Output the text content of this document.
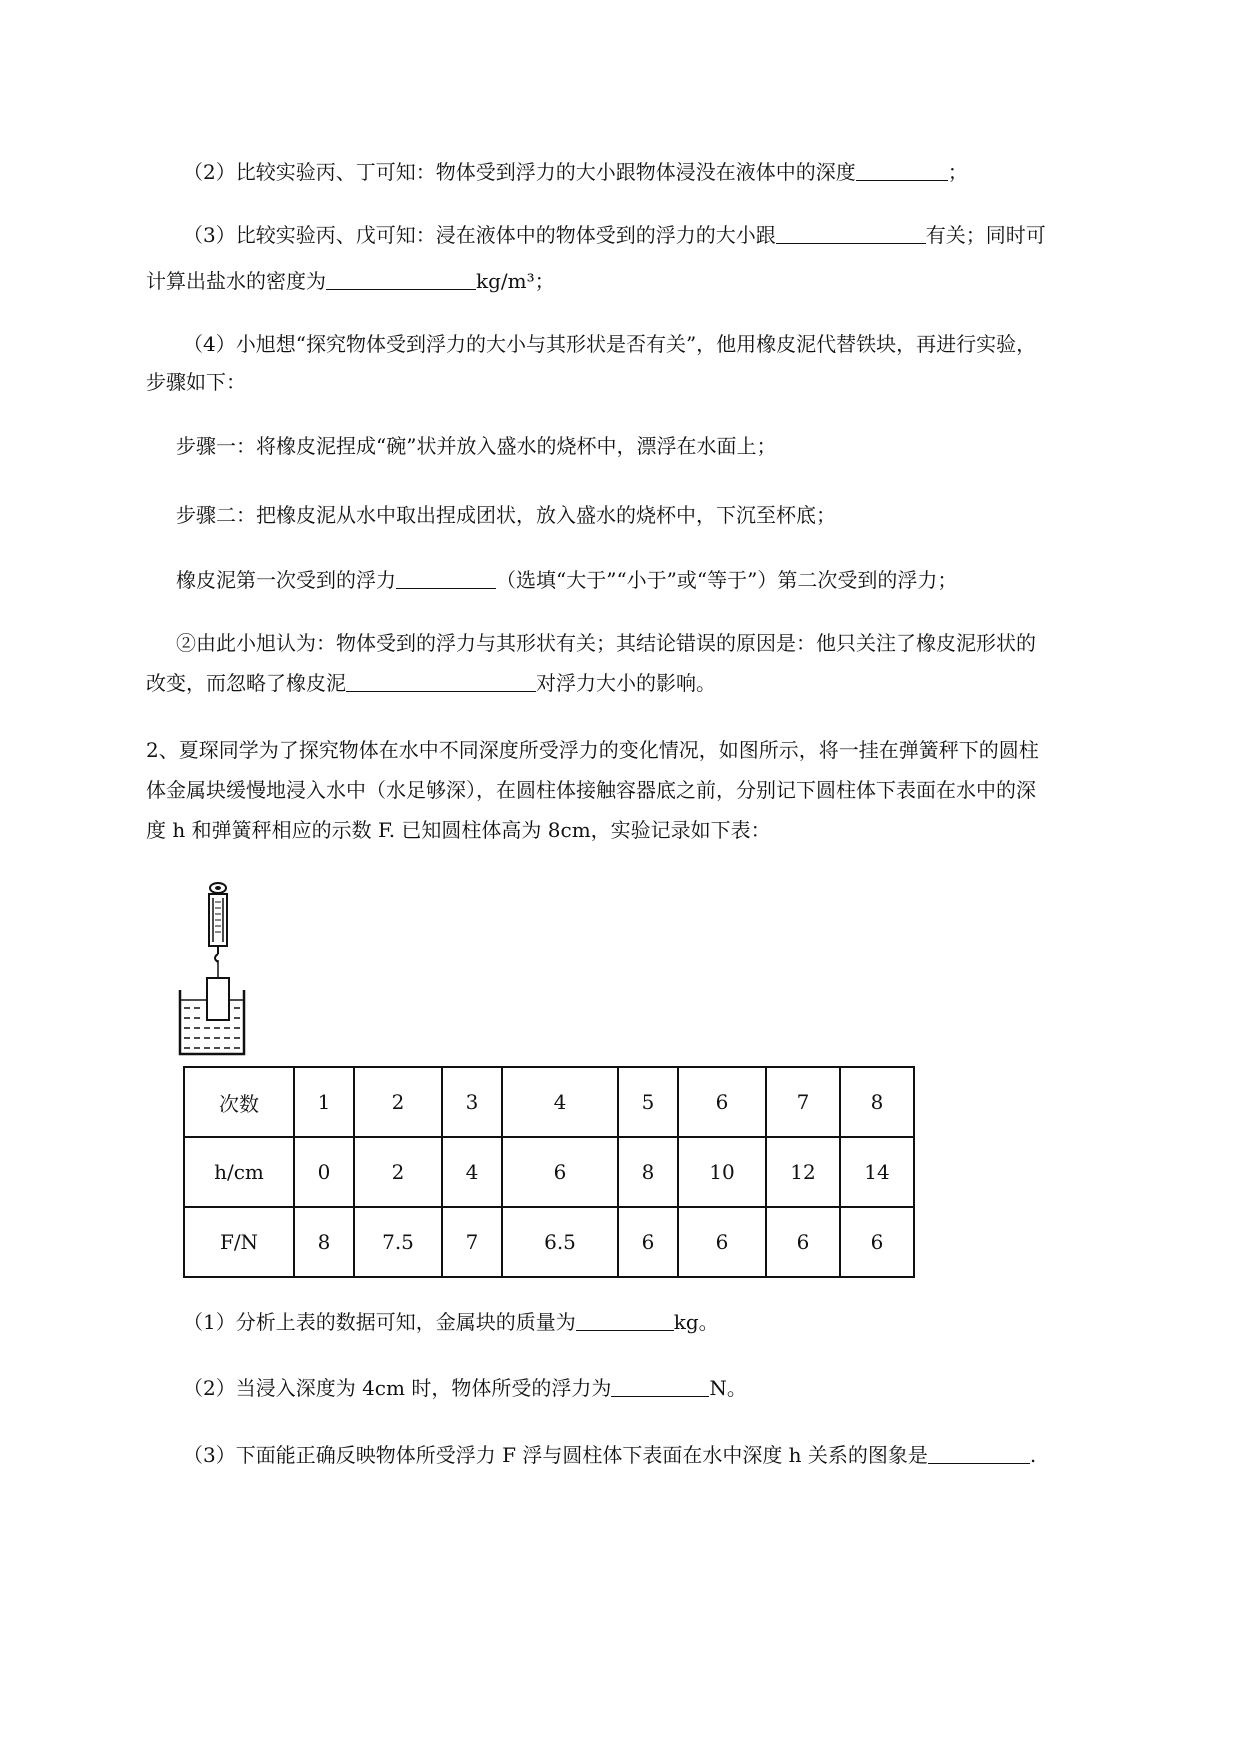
（2）比较实验丙、丁可知：物体受到浮力的大小跟物体浸没在液体中的深度	；
（3）比较实验丙、戊可知：浸在液体中的物体受到的浮力的大小跟	有关；同时可
计算出盐水的密度为	kg/m³；
（4）小旭想“探究物体受到浮力的大小与其形状是否有关”，他用橡皮泥代替铁块，再进行实验，
步骤如下：
步骤一：将橡皮泥捏成“碗”状并放入盛水的烧杯中，漂浮在水面上；
步骤二：把橡皮泥从水中取出捏成团状，放入盛水的烧杯中，下沉至杯底；
橡皮泥第一次受到的浮力	（选填“大于”“小于”或“等于”）第二次受到的浮力；
②由此小旭认为：物体受到的浮力与其形状有关；其结论错误的原因是：他只关注了橡皮泥形状的
改变，而忽略了橡皮泥	对浮力大小的影响。
2、夏琛同学为了探究物体在水中不同深度所受浮力的变化情况，如图所示，将一挂在弹簧秤下的圆柱
体金属块缓慢地浸入水中（水足够深），在圆柱体接触容器底之前，分别记下圆柱体下表面在水中的深
度 h 和弹簧秤相应的示数 F. 已知圆柱体高为 8cm，实验记录如下表：
次数	1	2	3	4	5	6	7	8
h/cm	0	2	4	6	8	10	12	14
F/N	8	7.5	7	6.5	6	6	6	6
（1）分析上表的数据可知，金属块的质量为	kg。
（2）当浸入深度为 4cm 时，物体所受的浮力为	N。
（3）下面能正确反映物体所受浮力 F 浮与圆柱体下表面在水中深度 h 关系的图象是	.
